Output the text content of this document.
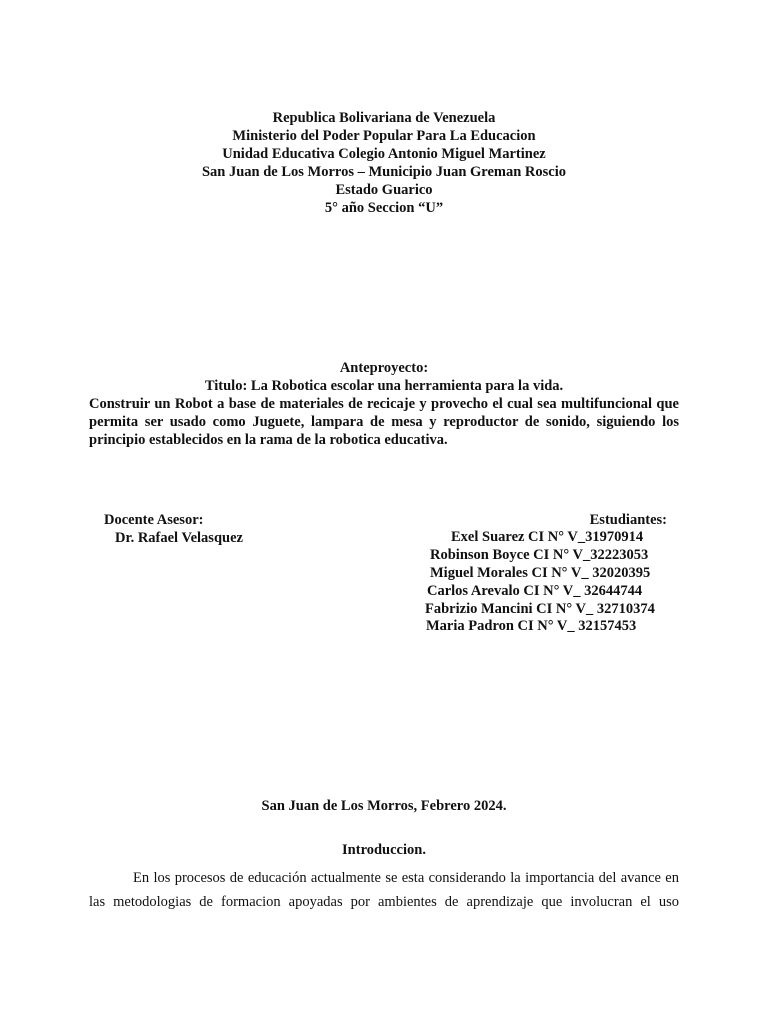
Republica Bolivariana de Venezuela
Ministerio del Poder Popular Para La Educacion
Unidad Educativa Colegio Antonio Miguel Martinez
San Juan de Los Morros – Municipio Juan Greman Roscio
Estado Guarico
5° año Seccion “U”
Anteproyecto:
Titulo: La Robotica escolar una herramienta para la vida.
Construir un Robot a base de materiales de recicaje y provecho el cual sea multifuncional que permita ser usado como Juguete, lampara de mesa y reproductor de sonido, siguiendo los principio establecidos en la rama de la robotica educativa.
Docente Asesor:
Dr. Rafael Velasquez
Estudiantes:
Exel Suarez CI N° V_31970914
Robinson Boyce CI N° V_32223053
Miguel Morales CI N° V_ 32020395
Carlos Arevalo CI N° V_ 32644744
Fabrizio Mancini CI N° V_ 32710374
Maria Padron CI N° V_ 32157453
San Juan de Los Morros, Febrero 2024.
Introduccion.
En los procesos de educación actualmente se esta considerando la importancia del avance en las metodologias de formacion apoyadas por ambientes de aprendizaje que involucran el uso
